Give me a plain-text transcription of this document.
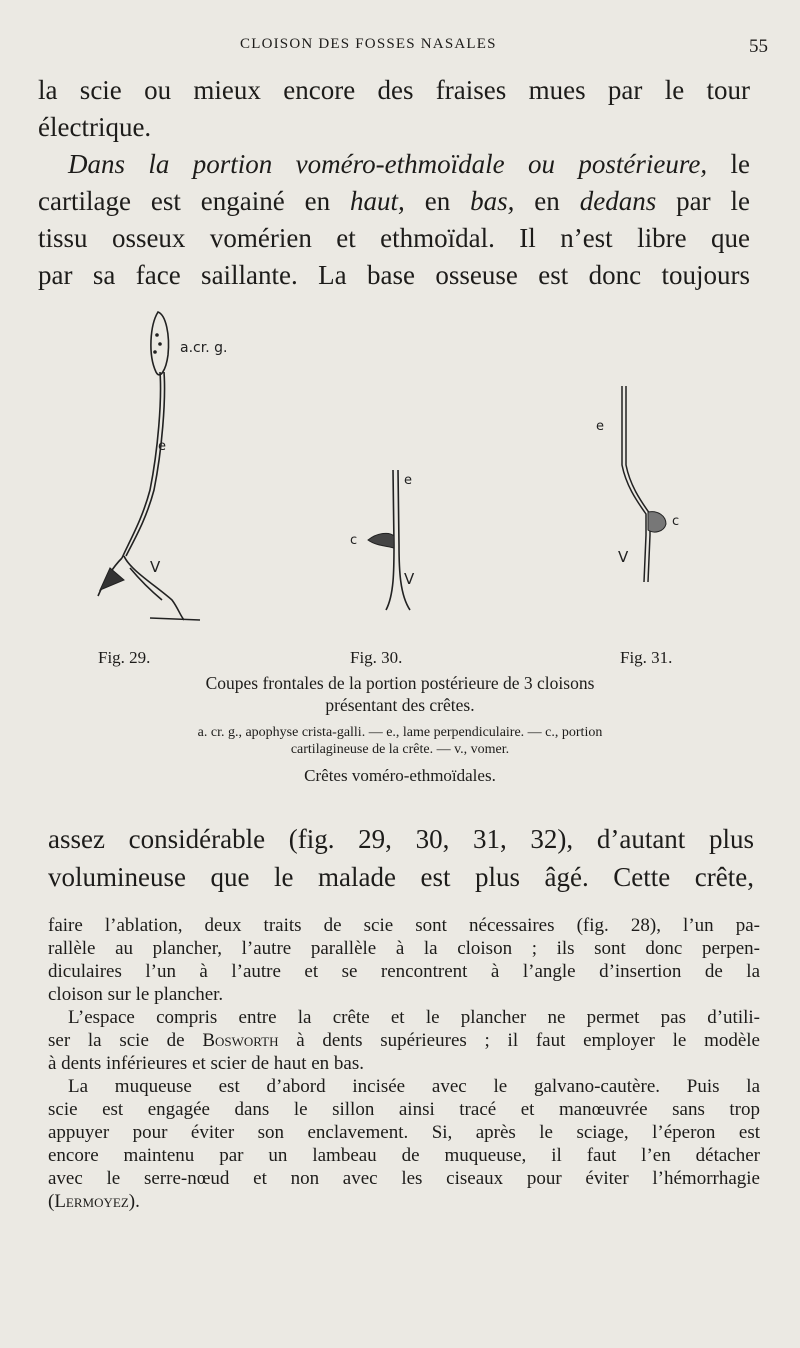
CLOISON DES FOSSES NASALES	55
la scie ou mieux encore des fraises mues par le tour
électrique.
Dans la portion voméro-ethmoïdale ou postérieure, le
cartilage est engainé en haut, en bas, en dedans par le
tissu osseux vomérien et ethmoïdal. Il n’est libre que
par sa face saillante. La base osseuse est donc toujours
a.cr. g.
e
V
e
c
V
e
c
V
Fig. 29.	Fig. 30.	Fig. 31.
Coupes frontales de la portion postérieure de 3 cloisons
présentant des crêtes.
a. cr. g., apophyse crista-galli. — e., lame perpendiculaire. — c., portion
cartilagineuse de la crête. — v., vomer.
Crêtes voméro-ethmoïdales.
assez considérable (fig. 29, 30, 31, 32), d’autant plus
volumineuse que le malade est plus âgé. Cette crête,

faire l’ablation, deux traits de scie sont nécessaires (fig. 28), l’un pa-
rallèle au plancher, l’autre parallèle à la cloison ; ils sont donc perpen-
diculaires l’un à l’autre et se rencontrent à l’angle d’insertion de la
cloison sur le plancher.

L’espace compris entre la crête et le plancher ne permet pas d’utili-
ser la scie de Bosworth à dents supérieures ; il faut employer le modèle
à dents inférieures et scier de haut en bas.

La muqueuse est d’abord incisée avec le galvano-cautère. Puis la
scie est engagée dans le sillon ainsi tracé et manœuvrée sans trop
appuyer pour éviter son enclavement. Si, après le sciage, l’éperon est
encore maintenu par un lambeau de muqueuse, il faut l’en détacher
avec le serre-nœud et non avec les ciseaux pour éviter l’hémorrhagie
(Lermoyez).
